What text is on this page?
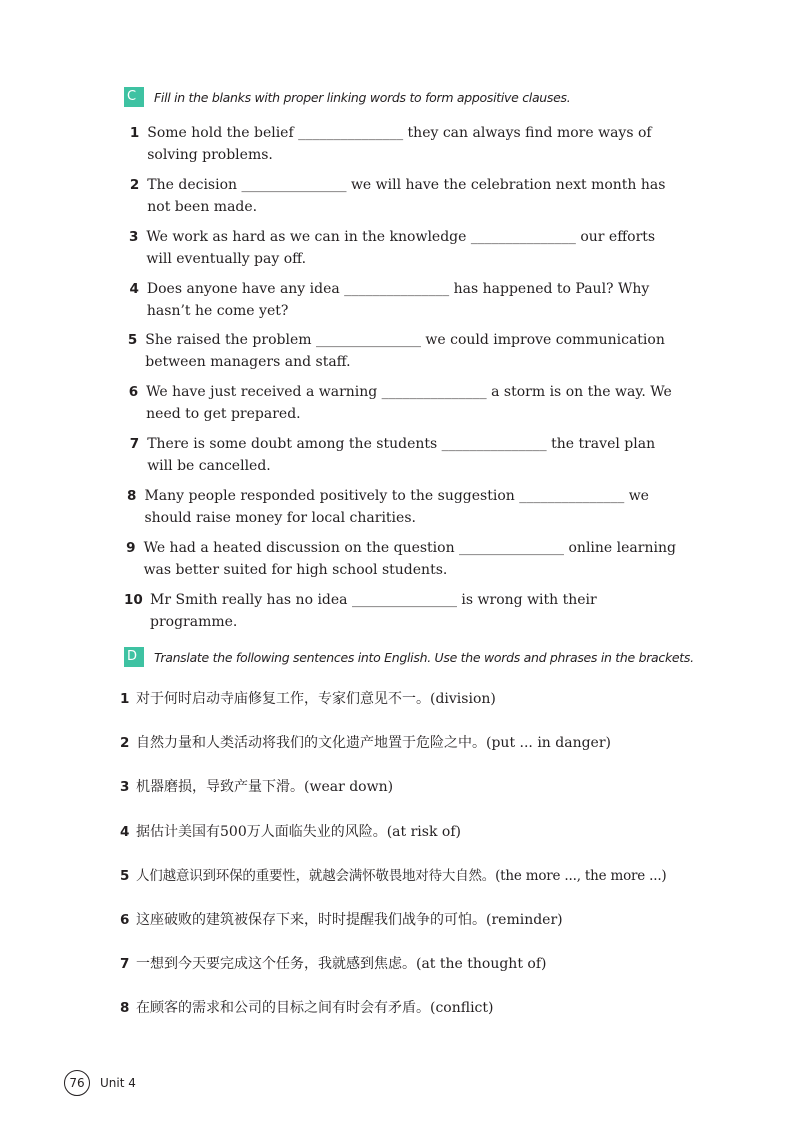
C	Fill in the blanks with proper linking words to form appositive clauses.
1 Some hold the belief _______________ they can always find more ways of solving problems.
2 The decision _______________ we will have the celebration next month has not been made.
3 We work as hard as we can in the knowledge _______________ our efforts will eventually pay off.
4 Does anyone have any idea _______________ has happened to Paul? Why hasn’t he come yet?
5 She raised the problem _______________ we could improve communication between managers and staff.
6 We have just received a warning _______________ a storm is on the way. We need to get prepared.
7 There is some doubt among the students _______________ the travel plan will be cancelled.
8 Many people responded positively to the suggestion _______________ we should raise money for local charities.
9 We had a heated discussion on the question _______________ online learning was better suited for high school students.
10 Mr Smith really has no idea _______________ is wrong with their programme.
D	Translate the following sentences into English. Use the words and phrases in the brackets.
1 对于何时启动寺庙修复工作，专家们意见不一。(division)
2 自然力量和人类活动将我们的文化遗产地置于危险之中。(put ... in danger)
3 机器磨损，导致产量下滑。(wear down)
4 据估计美国有500万人面临失业的风险。(at risk of)
5 人们越意识到环保的重要性，就越会满怀敬畏地对待大自然。(the more ..., the more ...)
6 这座破败的建筑被保存下来，时时提醒我们战争的可怕。(reminder)
7 一想到今天要完成这个任务，我就感到焦虑。(at the thought of)
8 在顾客的需求和公司的目标之间有时会有矛盾。(conflict)
76	Unit 4
